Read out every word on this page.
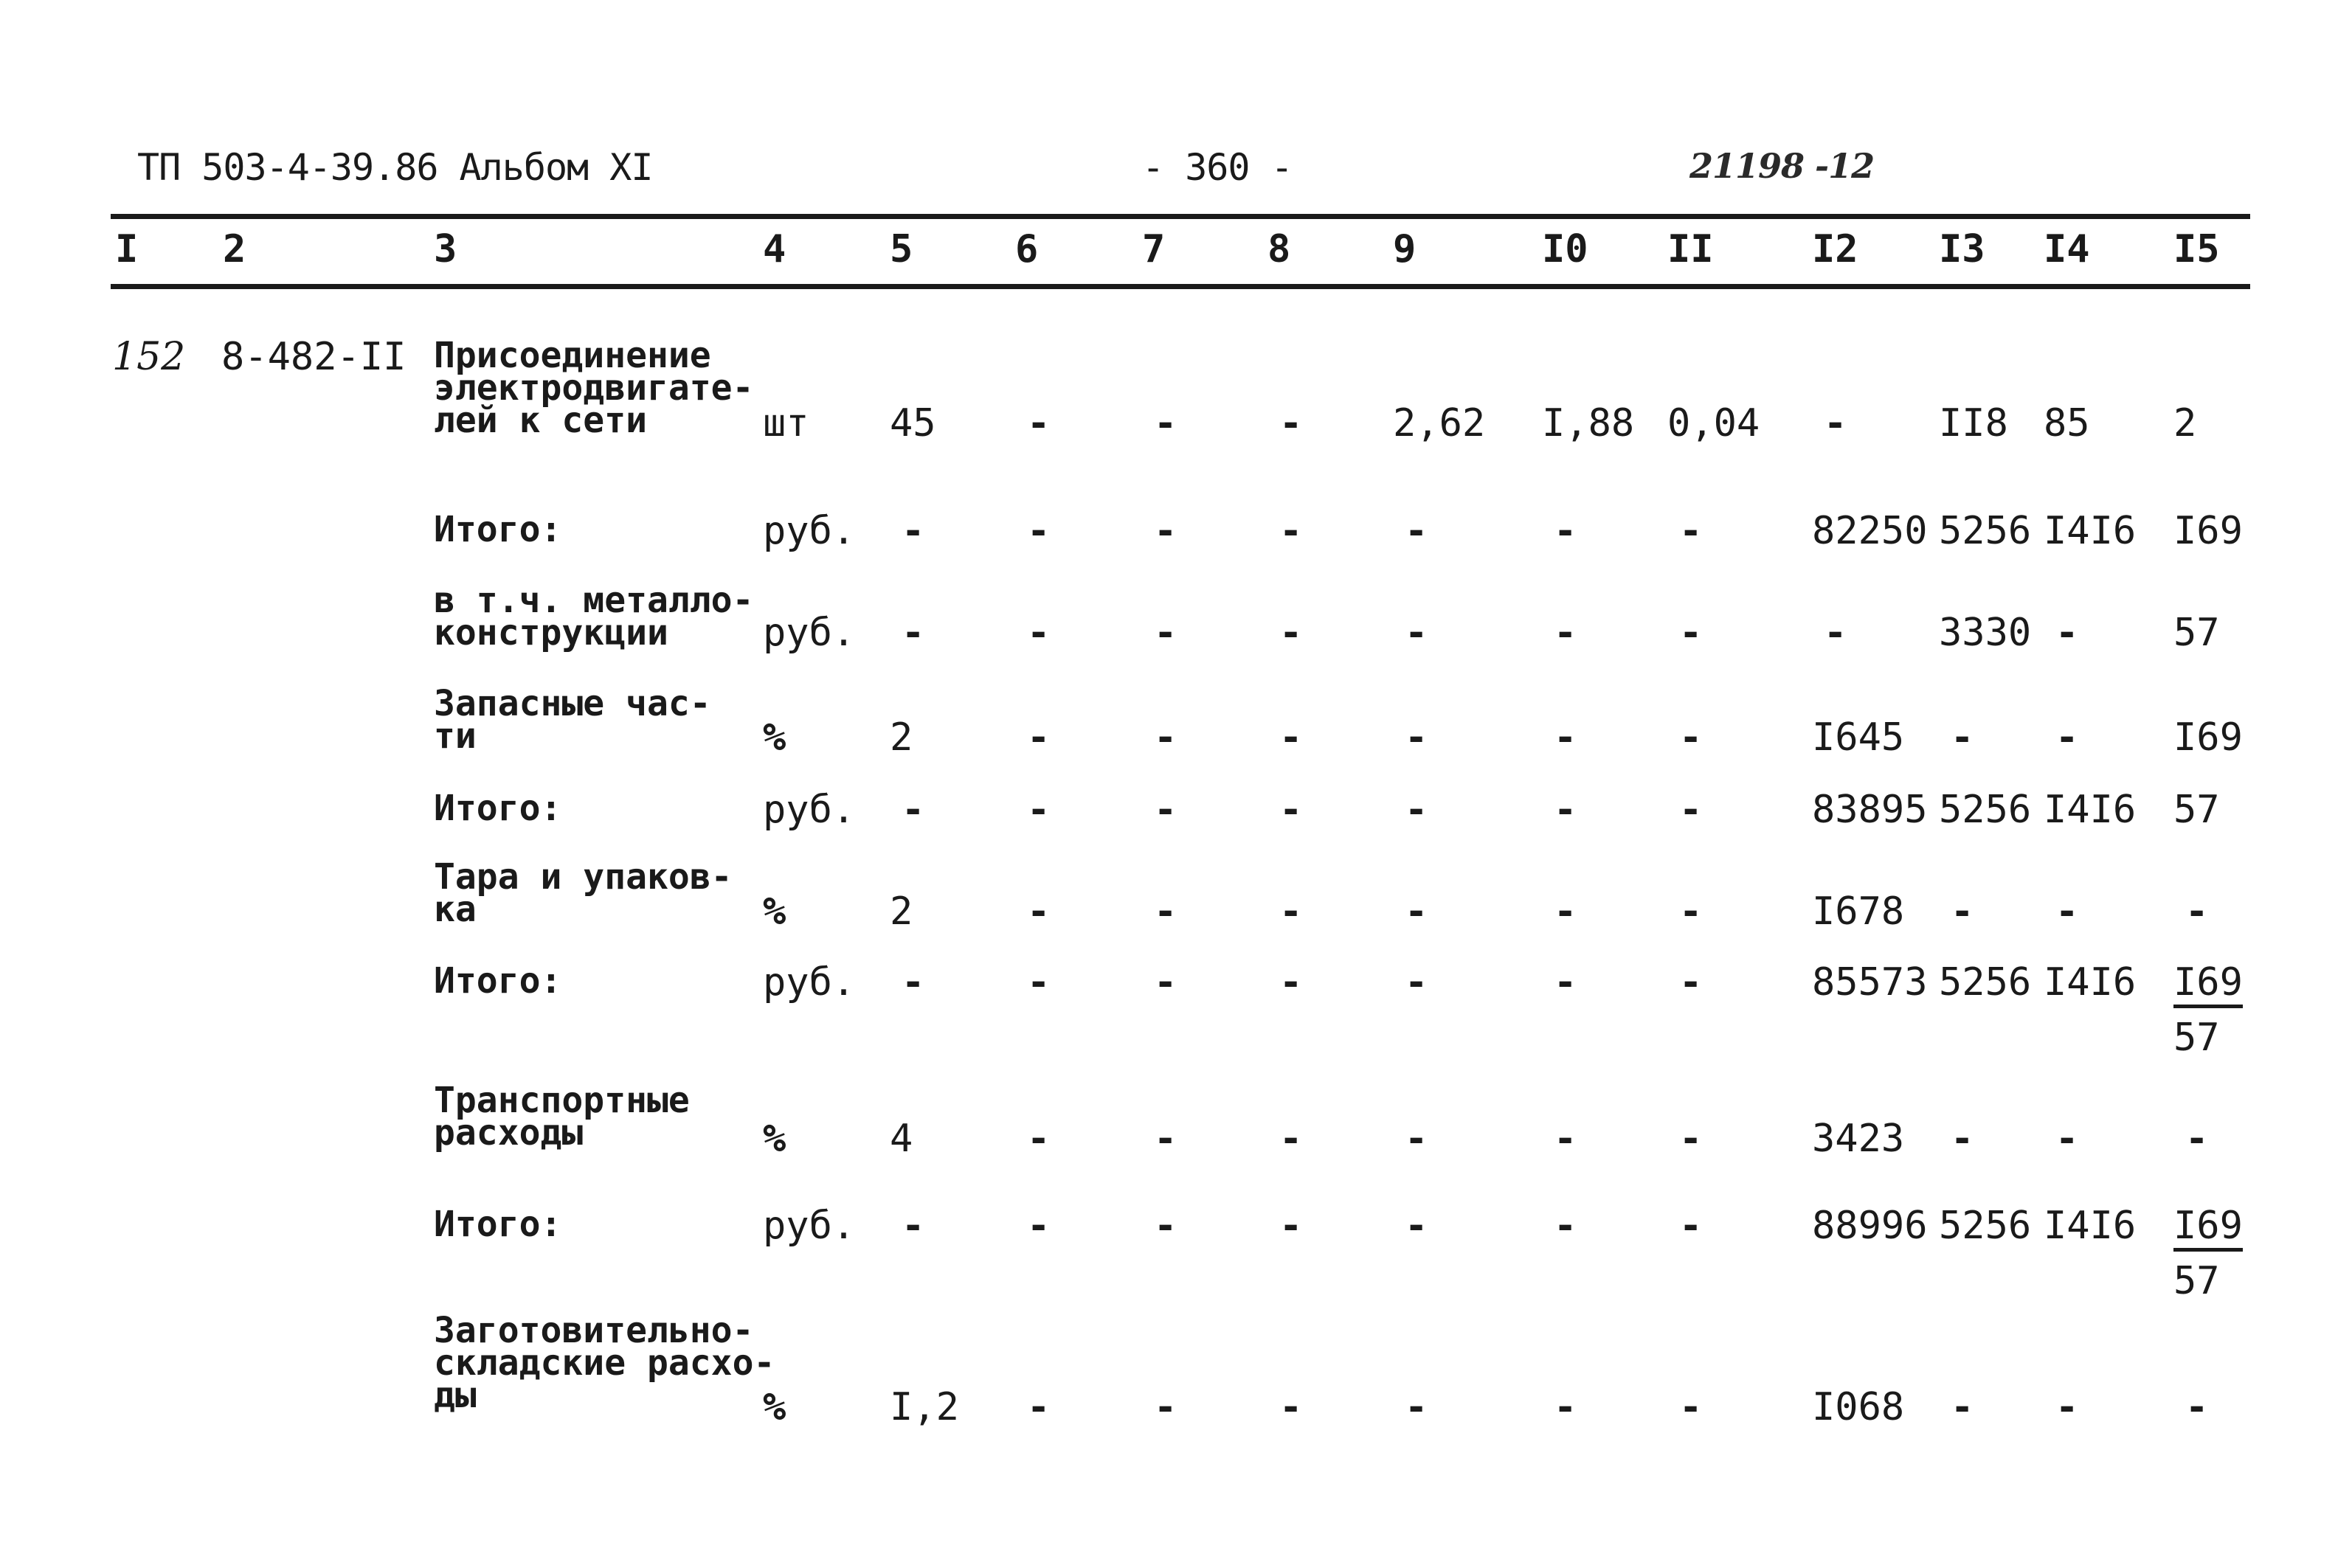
ТП 503-4-39.86 Альбом XI	- 360 -	21198 -12
I 2	3	4	5	6	7	8	9	I0 II	I2 I3 I4 I5
152 8-482-II Присоединение
электродвигате-
лей к сети	шт 45 -	-	- 2,62 I,88 0,04 - II8 85 2
Итого:	руб. -	-	-	-	-	-	-	82250 5256 I4I6 I69
в т.ч. металло-
конструкции руб. -	-	-	-	-	-	-	- 3330 - 57
Запасные час-
ти	%	2	-	-	-	-	-	-	I645 - - I69
Итого:	руб. -	-	-	-	-	-	-	83895 5256 I4I6 57
Тара и упаков-
ка	%	2	-	-	-	-	-	-	I678 - -	-
Итого:	руб. -	-	-	-	-	-	-	85573 5256 $I4I6 \frac{I69}{57}$
Транспортные
расходы	%	4	-	-	-	-	-	-	3423 - -	-
Итого:	руб. -	-	-	-	-	-	-	88996 5256 $I4I6 \frac{I69}{57}$
Заготовительно-
складские расхо-
ды	%	I,2 -	-	-	-	-	-	I068 - -	-
